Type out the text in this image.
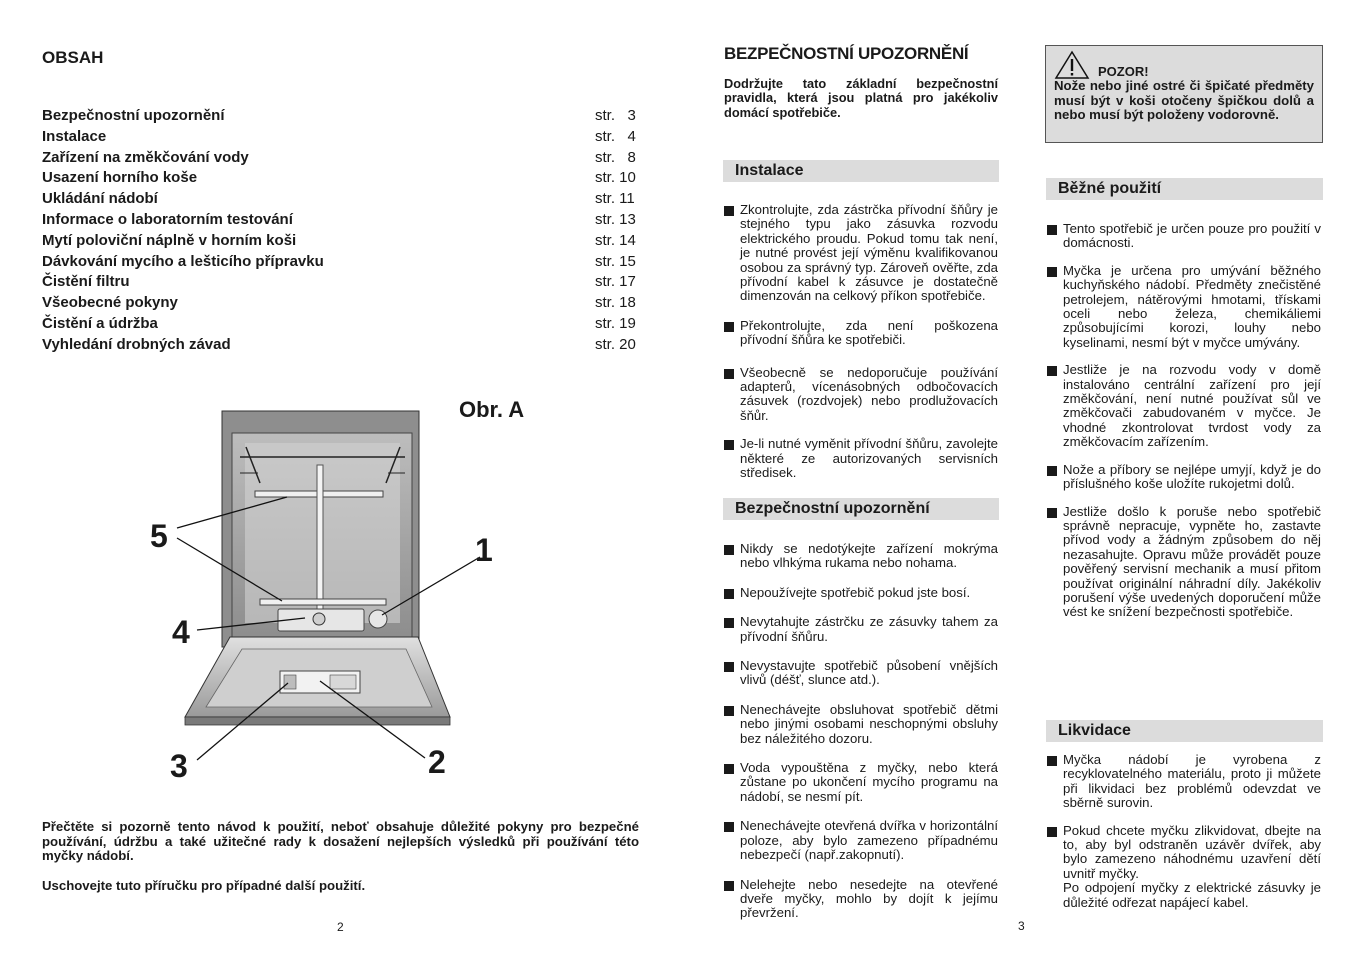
OBSAH
Bezpečnostní upozornění	str.   3
Instalace	str.   4
Zařízení na změkčování vody	str.   8
Usazení horního koše	str. 10
Ukládání nádobí	str. 11
Informace o laboratorním testování	str. 13
Mytí poloviční náplně v horním koši	str. 14
Dávkování mycího a lešticího přípravku	str. 15
Čistění filtru	str. 17
Všeobecné pokyny	str. 18
Čistění a údržba	str. 19
Vyhledání drobných závad	str. 20
Obr. A
5	1
4
3	2
Přečtěte si pozorně tento návod k použití, neboť obsahuje důležité pokyny pro bezpečné používání, údržbu a také užitečné rady k dosažení nejlepších výsledků při používání této myčky nádobí.
Uschovejte tuto příručku pro případné další použití.
2
BEZPEČNOSTNÍ UPOZORNĚNÍ
Dodržujte tato základní bezpečnostní pravidla, která jsou platná pro jakékoliv domácí spotřebiče.
Instalace
Zkontrolujte, zda zástrčka přívodní šňůry je stejného typu jako zásuvka rozvodu elektrického proudu. Pokud tomu tak není, je nutné provést její výměnu kvalifikovanou osobou za správný typ. Zároveň ověřte, zda přívodní kabel k zásuvce je dostatečně dimenzován na celkový příkon spotřebiče.
Překontrolujte, zda není poškozena přívodní šňůra ke spotřebiči.
Všeobecně se nedoporučuje používání adapterů, vícenásobných odbočovacích zásuvek (rozdvojek) nebo prodlužovacích šňůr.
Je-li nutné vyměnit přívodní šňůru, zavolejte některé ze autorizovaných servisních středisek.
Bezpečnostní upozornění
Nikdy se nedotýkejte zařízení mokrýma nebo vlhkýma rukama nebo nohama.
Nepoužívejte spotřebič pokud jste bosí.
Nevytahujte zástrčku ze zásuvky tahem za přívodní šňůru.
Nevystavujte spotřebič působení vnějších vlivů (déšť, slunce atd.).
Nenechávejte obsluhovat spotřebič dětmi nebo jinými osobami neschopnými obsluhy bez náležitého dozoru.
Voda vypouštěna z myčky, nebo která zůstane po ukončení mycího programu na nádobí, se nesmí pít.
Nenechávejte otevřená dvířka v horizontální poloze, aby bylo zamezeno případnému nebezpečí (např.zakopnutí).
Nelehejte nebo nesedejte na otevřené dveře myčky, mohlo by dojít k jejímu převržení.
3
POZOR!
Nože nebo jiné ostré či špičaté předměty musí být v koši otočeny špičkou dolů a nebo musí být položeny vodorovně.
Běžné použití
Tento spotřebič je určen pouze pro použití v domácnosti.
Myčka je určena pro umývání běžného kuchyňského nádobí. Předměty znečistěné petrolejem, nátěrovými hmotami, třískami oceli nebo železa, chemikáliemi způsobujícími korozi, louhy nebo kyselinami, nesmí být v myčce umývány.
Jestliže je na rozvodu vody v domě instalováno centrální zařízení pro její změkčování, není nutné používat sůl ve změkčovači zabudovaném v myčce. Je vhodné zkontrolovat tvrdost vody za změkčovacím zařízením.
Nože a příbory se nejlépe umyjí, když je do příslušného koše uložíte rukojetmi dolů.
Jestliže došlo k poruše nebo spotřebič správně nepracuje, vypněte ho, zastavte přívod vody a žádným způsobem do něj nezasahujte. Opravu může provádět pouze pověřený servisní mechanik a musí přitom používat originální náhradní díly. Jakékoliv porušení výše uvedených doporučení může vést ke snížení bezpečnosti spotřebiče.
Likvidace
Myčka nádobí je vyrobena z recyklovatelného materiálu, proto ji můžete při likvidaci bez problémů odevzdat ve sběrně surovin.
Pokud chcete myčku zlikvidovat, dbejte na to, aby byl odstraněn uzávěr dvířek, aby bylo zamezeno náhodnému uzavření dětí uvnitř myčky.
Po odpojení myčky z elektrické zásuvky je důležité odřezat napájecí kabel.
